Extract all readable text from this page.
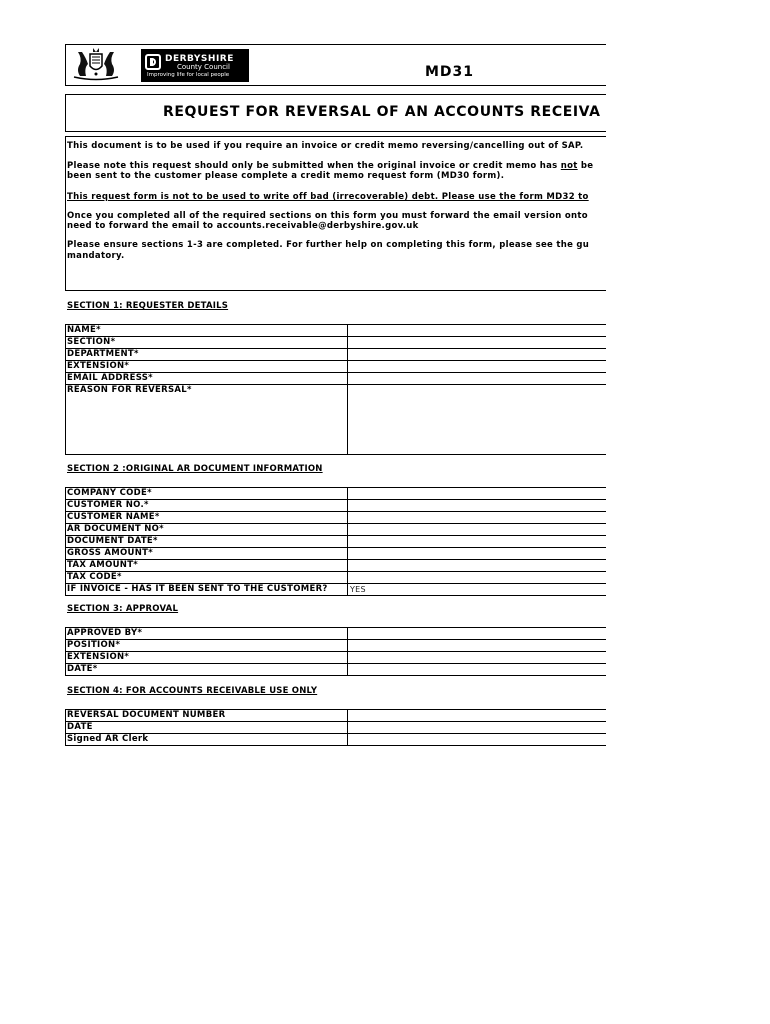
DERBYSHIRE
County Council
Improving life for local people	MD31
REQUEST FOR REVERSAL OF AN ACCOUNTS RECEIVA
This document is to be used if you require an invoice or credit memo reversing/cancelling out of SAP.
Please note this request should only be submitted when the original invoice or credit memo has not be
been sent to the customer please complete a credit memo request form (MD30 form).
This request form is not to be used to write off bad (irrecoverable) debt. Please use the form MD32 to
Once you completed all of the required sections on this form you must forward the email version onto
need to forward the email to accounts.receivable@derbyshire.gov.uk
Please ensure sections 1-3 are completed. For further help on completing this form, please see the gu
mandatory.
SECTION 1: REQUESTER DETAILS
NAME*
SECTION*
DEPARTMENT*
EXTENSION*
EMAIL ADDRESS*
REASON FOR REVERSAL*
SECTION 2 :ORIGINAL AR DOCUMENT INFORMATION
COMPANY CODE*
CUSTOMER NO.*
CUSTOMER NAME*
AR DOCUMENT NO*
DOCUMENT DATE*
GROSS AMOUNT*
TAX AMOUNT*
TAX CODE*
IF INVOICE - HAS IT BEEN SENT TO THE CUSTOMER?	YES
SECTION 3: APPROVAL
APPROVED BY*
POSITION*
EXTENSION*
DATE*
SECTION 4: FOR ACCOUNTS RECEIVABLE USE ONLY
REVERSAL DOCUMENT NUMBER
DATE
Signed AR Clerk
